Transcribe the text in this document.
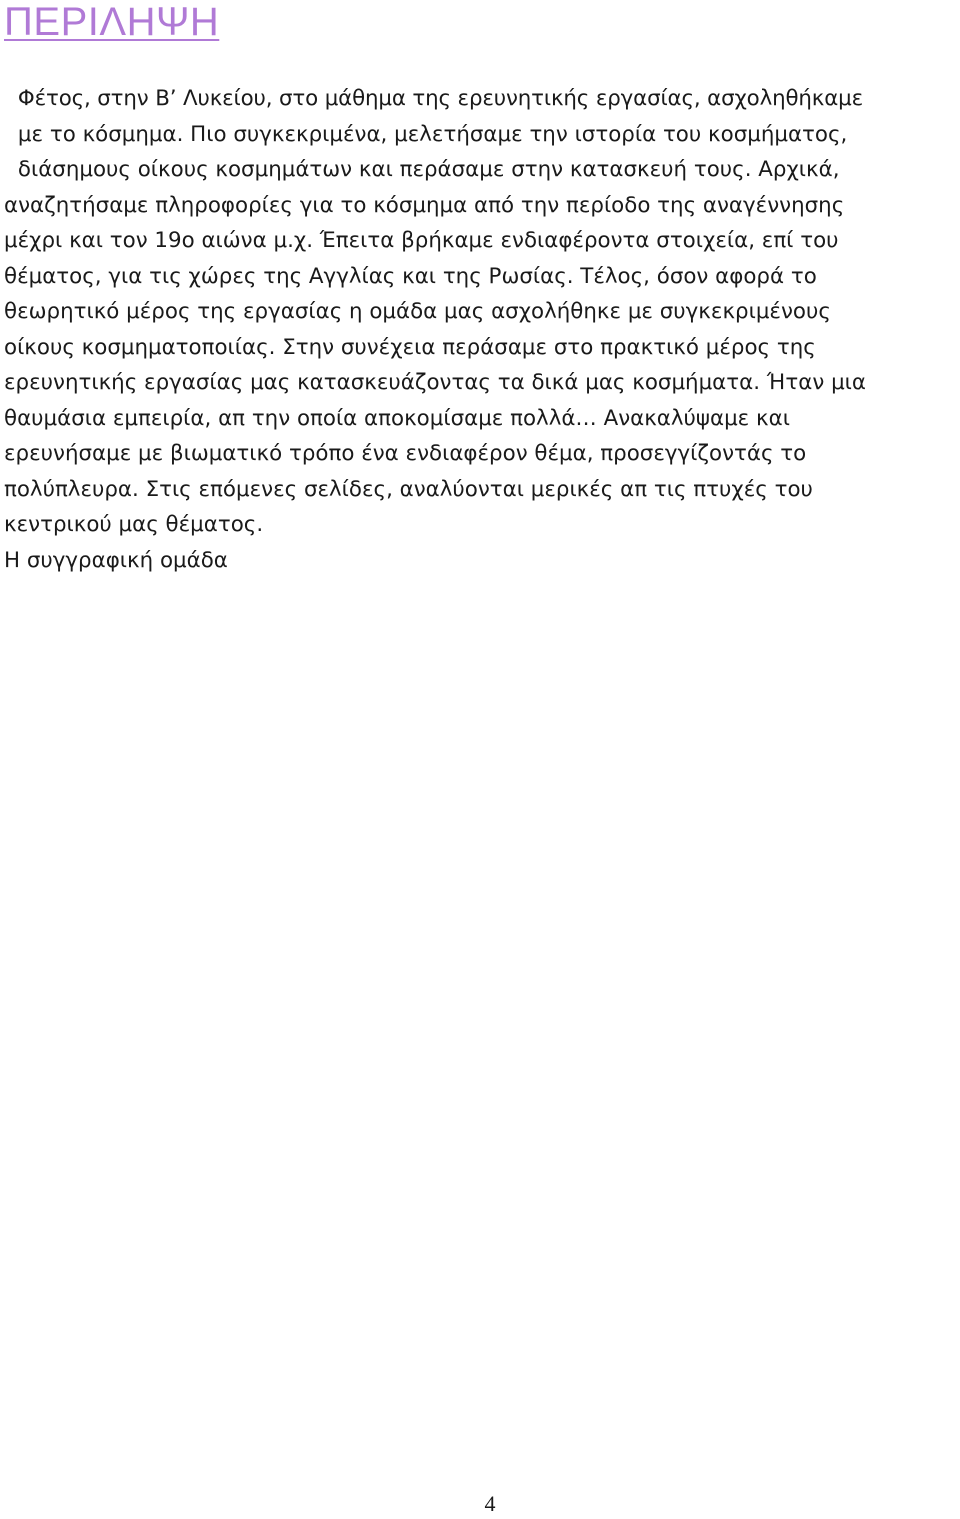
ΠΕΡΙΛΗΨΗ
Φέτος, στην Β’ Λυκείου, στο μάθημα της ερευνητικής εργασίας, ασχοληθήκαμε
με το κόσμημα. Πιο συγκεκριμένα, μελετήσαμε την ιστορία του κοσμήματος,
διάσημους οίκους κοσμημάτων και περάσαμε στην κατασκευή τους. Αρχικά,
αναζητήσαμε πληροφορίες για το κόσμημα από την περίοδο της αναγέννησης
μέχρι και τον 19ο αιώνα μ.χ. Έπειτα βρήκαμε ενδιαφέροντα στοιχεία, επί του
θέματος, για τις χώρες της Αγγλίας και της Ρωσίας. Τέλος, όσον αφορά το
θεωρητικό μέρος της εργασίας η ομάδα μας ασχολήθηκε με συγκεκριμένους
οίκους κοσμηματοποιίας. Στην συνέχεια περάσαμε στο πρακτικό μέρος της
ερευνητικής εργασίας μας κατασκευάζοντας τα δικά μας κοσμήματα. Ήταν μια
θαυμάσια εμπειρία, απ την οποία αποκομίσαμε πολλά… Ανακαλύψαμε και
ερευνήσαμε με βιωματικό τρόπο ένα ενδιαφέρον θέμα, προσεγγίζοντάς το
πολύπλευρα. Στις επόμενες σελίδες, αναλύονται μερικές απ τις πτυχές του
κεντρικού μας θέματος.
Η συγγραφική ομάδα
4
